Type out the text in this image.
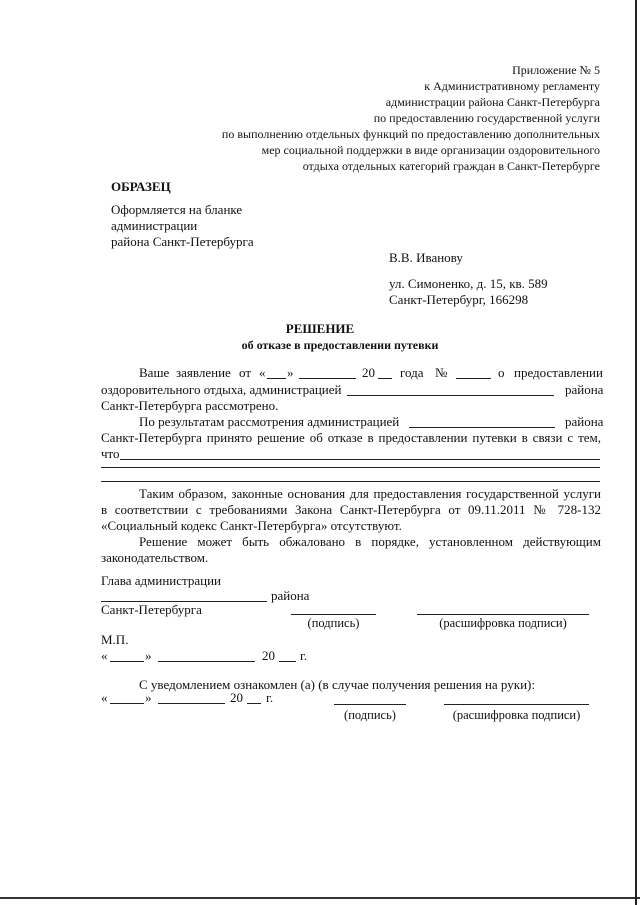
Приложение № 5
к Административному регламенту
администрации района Санкт-Петербурга
по предоставлению государственной услуги
по выполнению отдельных функций по предоставлению дополнительных
мер социальной поддержки в виде организации оздоровительного
отдыха отдельных категорий граждан в Санкт-Петербурге
ОБРАЗЕЦ
Оформляется на бланке
администрации
района Санкт-Петербурга
В.В. Иванову
ул. Симоненко, д. 15, кв. 589
Санкт-Петербург, 166298
РЕШЕНИЕ
об отказе в предоставлении путевки
Ваше заявление от « »	20 года №	о предоставлении
оздоровительного отдыха, администрацией	района
Санкт-Петербурга рассмотрено.
По результатам рассмотрения администрацией	района
Санкт-Петербурга принято решение об отказе в предоставлении путевки в связи с тем,
что
Таким образом, законные основания для предоставления государственной услуги
в соответствии с требованиями Закона Санкт-Петербурга от 09.11.2011 № 728-132
«Социальный кодекс Санкт-Петербурга» отсутствуют.
Решение может быть обжаловано в порядке, установленном действующим
законодательством.
Глава администрации
района
Санкт-Петербурга
(подпись)	(расшифровка подписи)
М.П.
«	»	20 г.
С уведомлением ознакомлен (а) (в случае получения решения на руки):
«	»	20 г.
(подпись)	(расшифровка подписи)
